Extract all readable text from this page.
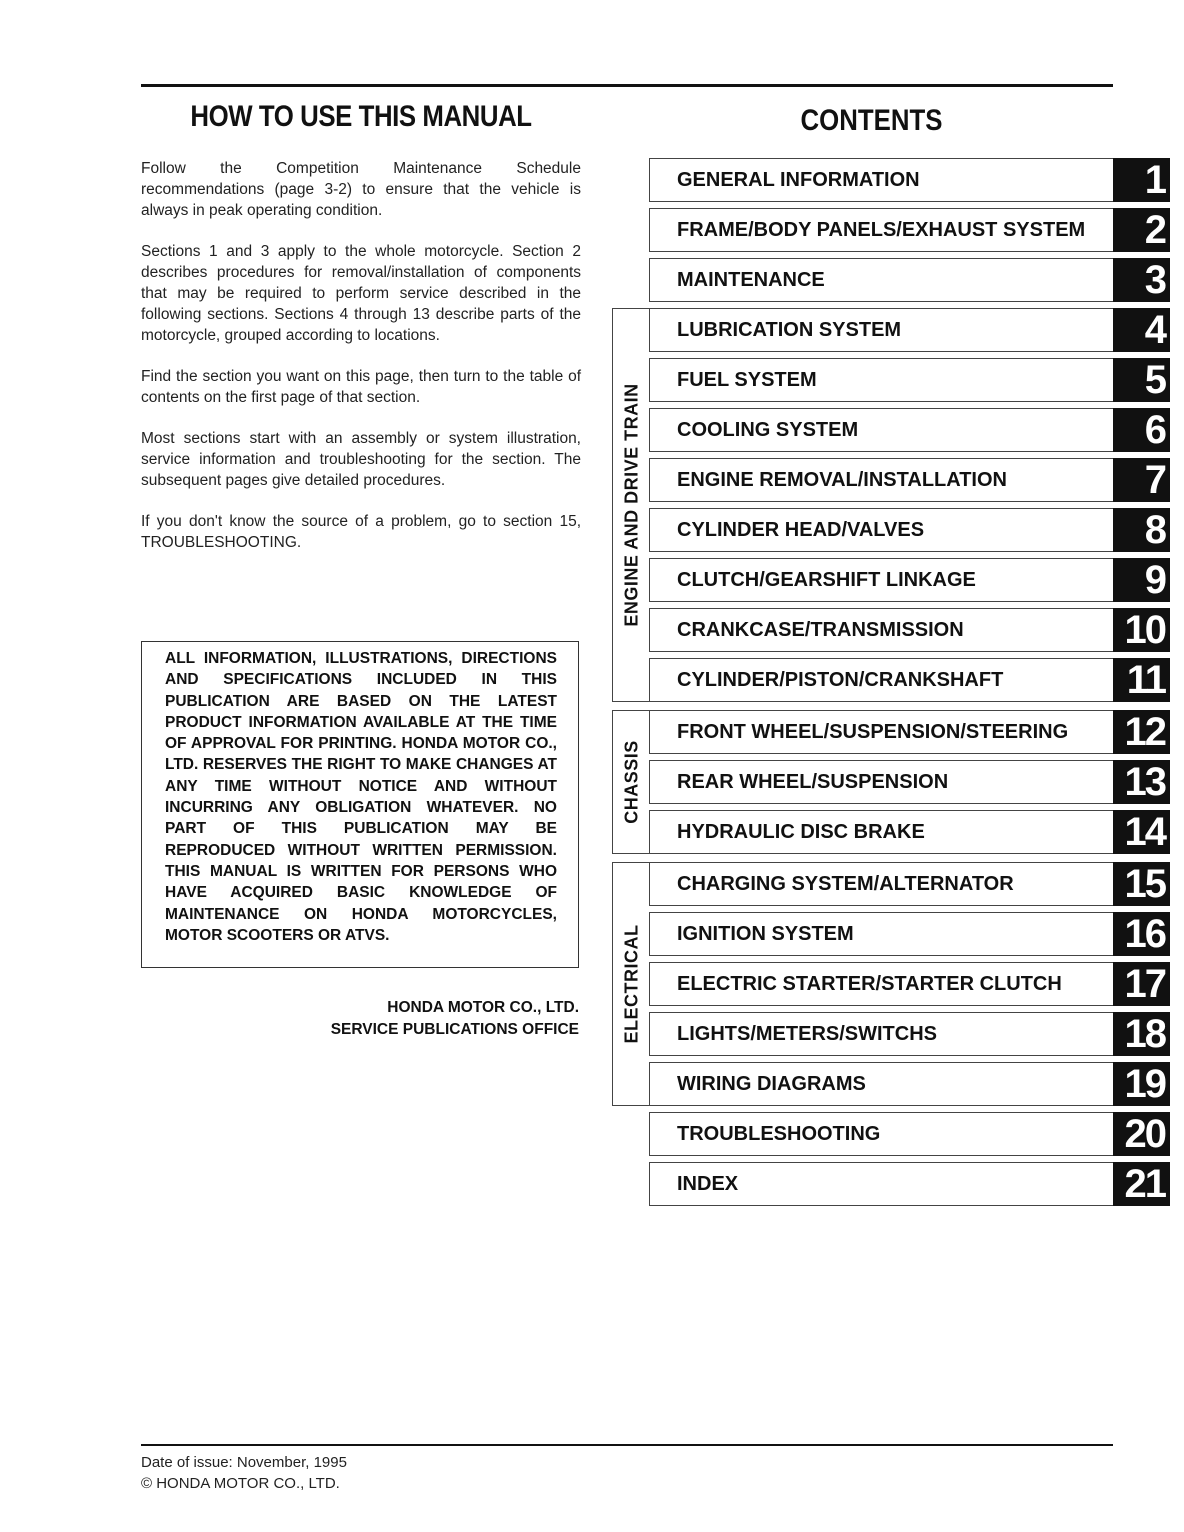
HOW TO USE THIS MANUAL

Follow the Competition Maintenance Schedule recommendations (page 3-2) to ensure that the vehicle is always in peak operating condition.

Sections 1 and 3 apply to the whole motorcycle. Section 2 describes procedures for removal/installation of components that may be required to perform service described in the following sections. Sections 4 through 13 describe parts of the motorcycle, grouped according to locations.

Find the section you want on this page, then turn to the table of contents on the first page of that section.

Most sections start with an assembly or system illustration, service information and troubleshooting for the section. The subsequent pages give detailed procedures.

If you don't know the source of a problem, go to section 15, TROUBLESHOOTING.

ALL INFORMATION, ILLUSTRATIONS, DIRECTIONS AND SPECIFICATIONS INCLUDED IN THIS PUBLICATION ARE BASED ON THE LATEST PRODUCT INFORMATION AVAILABLE AT THE TIME OF APPROVAL FOR PRINTING. HONDA MOTOR CO., LTD. RESERVES THE RIGHT TO MAKE CHANGES AT ANY TIME WITHOUT NOTICE AND WITHOUT INCURRING ANY OBLIGATION WHATEVER. NO PART OF THIS PUBLICATION MAY BE REPRODUCED WITHOUT WRITTEN PERMISSION. THIS MANUAL IS WRITTEN FOR PERSONS WHO HAVE ACQUIRED BASIC KNOWLEDGE OF MAINTENANCE ON HONDA MOTORCYCLES, MOTOR SCOOTERS OR ATVS.
HONDA MOTOR CO., LTD.
SERVICE PUBLICATIONS OFFICE
CONTENTS
ENGINE AND DRIVE TRAIN
CHASSIS
ELECTRICAL
GENERAL INFORMATION	1
FRAME/BODY PANELS/EXHAUST SYSTEM	2
MAINTENANCE	3
LUBRICATION SYSTEM	4
FUEL SYSTEM	5
COOLING SYSTEM	6
ENGINE REMOVAL/INSTALLATION	7
CYLINDER HEAD/VALVES	8
CLUTCH/GEARSHIFT LINKAGE	9
CRANKCASE/TRANSMISSION	10
CYLINDER/PISTON/CRANKSHAFT	11
FRONT WHEEL/SUSPENSION/STEERING 12
REAR WHEEL/SUSPENSION	13
HYDRAULIC DISC BRAKE	14
CHARGING SYSTEM/ALTERNATOR	15
IGNITION SYSTEM	16
ELECTRIC STARTER/STARTER CLUTCH 17
LIGHTS/METERS/SWITCHS	18
WIRING DIAGRAMS	19
TROUBLESHOOTING	20
INDEX	21
Date of issue: November, 1995
© HONDA MOTOR CO., LTD.
